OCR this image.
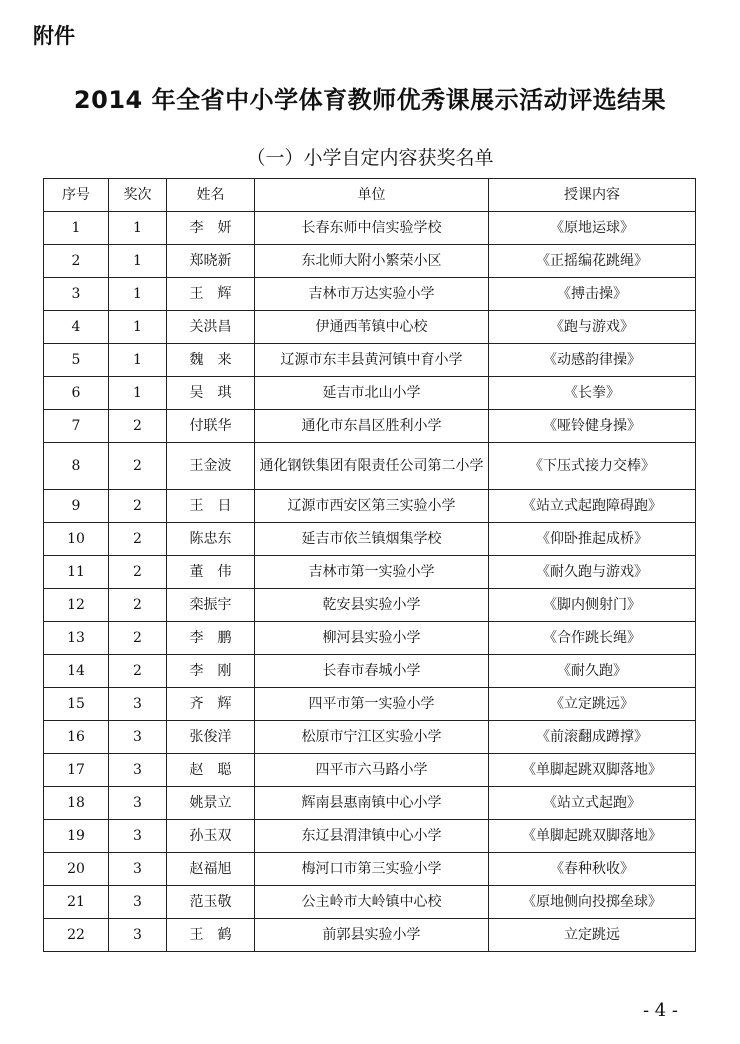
附件
2014 年全省中小学体育教师优秀课展示活动评选结果
（一）小学自定内容获奖名单
序号	奖次	姓名	单位	授课内容
1	1	李　妍	长春东师中信实验学校	《原地运球》
2	1	郑晓新	东北师大附小繁荣小区	《正摇编花跳绳》
3	1	王　辉	吉林市万达实验小学	《搏击操》
4	1	关洪昌	伊通西苇镇中心校	《跑与游戏》
5	1	魏　来	辽源市东丰县黄河镇中育小学	《动感韵律操》
6	1	吴　琪	延吉市北山小学	《长拳》
7	2	付联华	通化市东昌区胜利小学	《哑铃健身操》
8	2	王金波	通化钢铁集团有限责任公司第二小学	《下压式接力交棒》
9	2	王　日	辽源市西安区第三实验小学	《站立式起跑障碍跑》
10	2	陈忠东	延吉市依兰镇烟集学校	《仰卧推起成桥》
11	2	董　伟	吉林市第一实验小学	《耐久跑与游戏》
12	2	栾振宇	乾安县实验小学	《脚内侧射门》
13	2	李　鹏	柳河县实验小学	《合作跳长绳》
14	2	李　刚	长春市春城小学	《耐久跑》
15	3	齐　辉	四平市第一实验小学	《立定跳远》
16	3	张俊洋	松原市宁江区实验小学	《前滚翻成蹲撑》
17	3	赵　聪	四平市六马路小学	《单脚起跳双脚落地》
18	3	姚景立	辉南县惠南镇中心小学	《站立式起跑》
19	3	孙玉双	东辽县渭津镇中心小学	《单脚起跳双脚落地》
20	3	赵福旭	梅河口市第三实验小学	《春种秋收》
21	3	范玉敬	公主岭市大岭镇中心校	《原地侧向投掷垒球》
22	3	王　鹤	前郭县实验小学	立定跳远
- 4 -
